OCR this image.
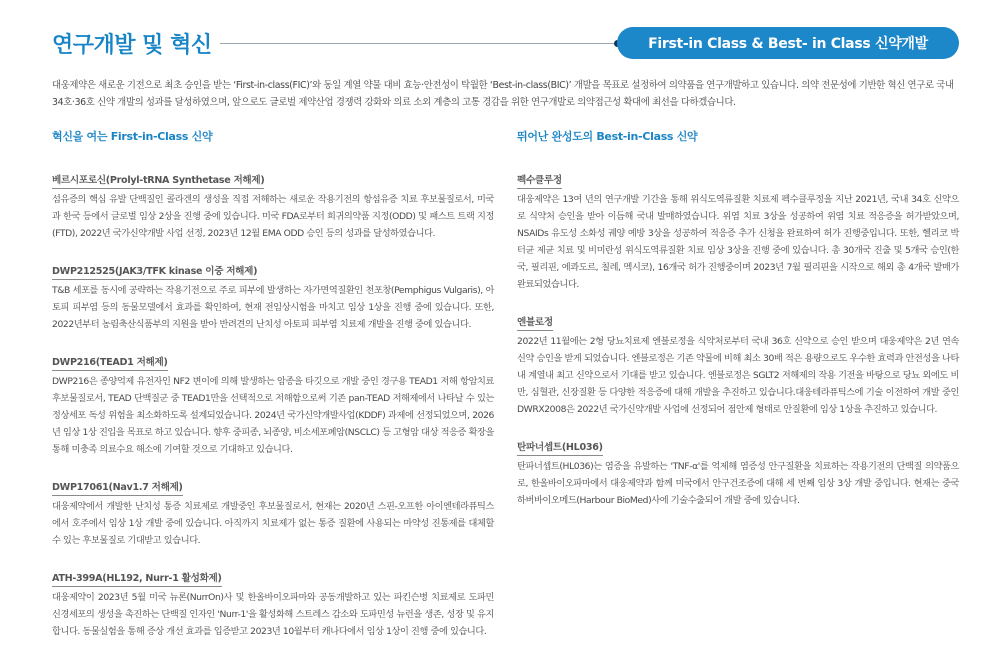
연구개발 및 혁신	First-in Class & Best- in Class 신약개발

대웅제약은 새로운 기전으로 최초 승인을 받는 ‘First-in-class(FIC)’와 동일 계열 약물 대비 효능·안전성이 탁월한 ‘Best-in-class(BIC)’ 개발을 목표로 설정하여 의약품을 연구개발하고 있습니다. 의약 전문성에 기반한 혁신 연구로 국내 34호·36호 신약 개발의 성과를 달성하였으며, 앞으로도 글로벌 제약산업 경쟁력 강화와 의료 소외 계층의 고통 경감을 위한 연구개발로 의약접근성 확대에 최선을 다하겠습니다.

혁신을 여는 First-in-Class 신약
베르시포로신(Prolyl-tRNA Synthetase 저해제)

섬유증의 핵심 유발 단백질인 콜라겐의 생성을 직접 저해하는 새로운 작용기전의 항섬유증 치료 후보물질로서, 미국과 한국 등에서 글로벌 임상 2상을 진행 중에 있습니다. 미국 FDA로부터 희귀의약품 지정(ODD) 및 패스트 트랙 지정(FTD), 2022년 국가신약개발 사업 선정, 2023년 12월 EMA ODD 승인 등의 성과를 달성하였습니다.

DWP212525(JAK3/TFK kinase 이중 저해제)

T&B 세포를 동시에 공략하는 작용기전으로 주로 피부에 발생하는 자가면역질환인 천포창(Pemphigus Vulgaris), 아토피 피부염 등의 동물모델에서 효과를 확인하여, 현재 전임상시험을 마치고 임상 1상을 진행 중에 있습니다. 또한, 2022년부터 농림축산식품부의 지원을 받아 반려견의 난치성 아토피 피부염 치료제 개발을 진행 중에 있습니다.

DWP216(TEAD1 저해제)

DWP216은 종양억제 유전자인 NF2 변이에 의해 발생하는 암종을 타깃으로 개발 중인 경구용 TEAD1 저해 항암치료 후보물질로서, TEAD 단백질군 중 TEAD1만을 선택적으로 저해함으로써 기존 pan-TEAD 저해제에서 나타날 수 있는 정상세포 독성 위험을 최소화하도록 설계되었습니다. 2024년 국가신약개발사업(KDDF) 과제에 선정되었으며, 2026년 임상 1상 진입을 목표로 하고 있습니다. 향후 중피종, 뇌종양, 비소세포폐암(NSCLC) 등 고형암 대상 적응증 확장을 통해 미충족 의료수요 해소에 기여할 것으로 기대하고 있습니다.

DWP17061(Nav1.7 저해제)

대웅제약에서 개발한 난치성 통증 치료제로 개발중인 후보물질로서, 현재는 2020년 스핀-오프한 아이엔테라퓨틱스에서 호주에서 임상 1상 개발 중에 있습니다. 아직까지 치료제가 없는 통증 질환에 사용되는 마약성 진통제를 대체할 수 있는 후보물질로 기대받고 있습니다.

ATH-399A(HL192, Nurr-1 활성화제)

대웅제약이 2023년 5월 미국 뉴론(NurrOn)사 및 한올바이오파마와 공동개발하고 있는 파킨슨병 치료제로 도파민 신경세포의 생성을 촉진하는 단백질 인자인 'Nurr-1'을 활성화해 스트레스 감소와 도파민성 뉴런을 생존, 성장 및 유지합니다. 동물실험을 통해 증상 개선 효과를 입증받고 2023년 10월부터 캐나다에서 임상 1상이 진행 중에 있습니다.

뛰어난 완성도의 Best-in-Class 신약
펙수클루정

대웅제약은 13여 년의 연구개발 기간을 통해 위식도역류질환 치료제 펙수클루정을 지난 2021년, 국내 34호 신약으로 식약처 승인을 받아 이듬해 국내 발매하였습니다. 위염 치료 3상을 성공하여 위염 치료 적응증을 허가받았으며, NSAIDs 유도성 소화성 궤양 예방 3상을 성공하여 적응증 추가 신청을 완료하여 허가 진행중입니다. 또한, 헬리코 박터균 제균 치료 및 비미란성 위식도역류질환 치료 임상 3상을 진행 중에 있습니다. 총 30개국 진출 및 5개국 승인(한국, 필리핀, 에콰도르, 칠레, 멕시코), 16개국 허가 진행중이며 2023년 7월 필리핀을 시작으로 해외 총 4개국 발매가 완료되었습니다.

엔블로정

2022년 11월에는 2형 당뇨치료제 엔블로정을 식약처로부터 국내 36호 신약으로 승인 받으며 대웅제약은 2년 연속 신약 승인을 받게 되었습니다. 엔블로정은 기존 약물에 비해 최소 30배 적은 용량으로도 우수한 효력과 안전성을 나타내 계열내 최고 신약으로서 기대를 받고 있습니다. 엔블로정은 SGLT2 저해제의 작용 기전을 바탕으로 당뇨 외에도 비만, 심혈관, 신장질환 등 다양한 적응증에 대해 개발을 추진하고 있습니다.대웅테라퓨틱스에 기술 이전하여 개발 중인 DWRX2008은 2022년 국가신약개발 사업에 선정되어 점안제 형태로 안질환에 임상 1상을 추진하고 있습니다.

탄파너셉트(HL036)

탄파너셉트(HL036)는 염증을 유발하는 'TNF-α'를 억제해 염증성 안구질환을 치료하는 작용기전의 단백질 의약품으로, 한올바이오파마에서 대웅제약과 함께 미국에서 안구건조증에 대해 세 번째 임상 3상 개발 중입니다. 현재는 중국 하버바이오메드(Harbour BioMed)사에 기술수출되어 개발 중에 있습니다.
